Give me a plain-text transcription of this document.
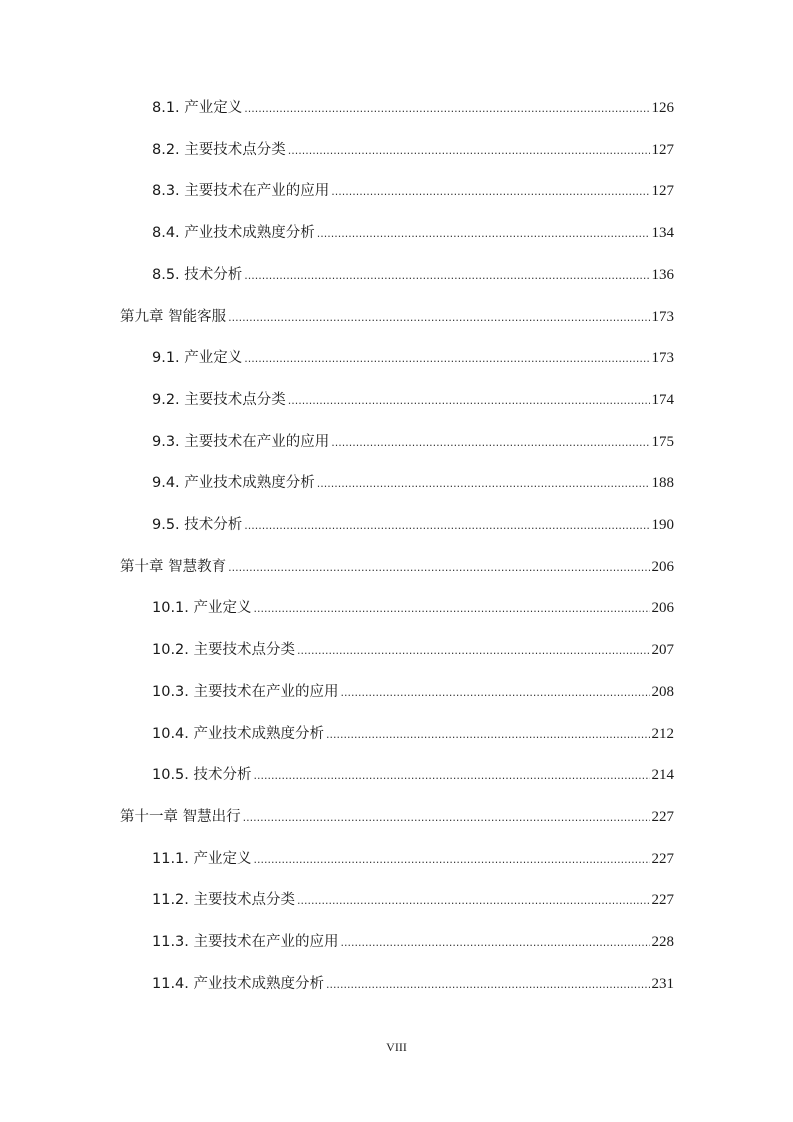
8.1. 产业定义 .....	126
8.2. 主要技术点分类 .....	127
8.3. 主要技术在产业的应用 .....	127
8.4. 产业技术成熟度分析 .....	134
8.5. 技术分析 .....	136
第九章 智能客服 .....	173
9.1. 产业定义 .....	173
9.2. 主要技术点分类 .....	174
9.3. 主要技术在产业的应用 .....	175
9.4. 产业技术成熟度分析 .....	188
9.5. 技术分析 .....	190
第十章 智慧教育 .....	206
10.1. 产业定义 .....	206
10.2. 主要技术点分类 .....	207
10.3. 主要技术在产业的应用 .....	208
10.4. 产业技术成熟度分析 .....	212
10.5. 技术分析 .....	214
第十一章 智慧出行 .....	227
11.1. 产业定义 .....	227
11.2. 主要技术点分类 .....	227
11.3. 主要技术在产业的应用 .....	228
11.4. 产业技术成熟度分析 .....	231
VIII
